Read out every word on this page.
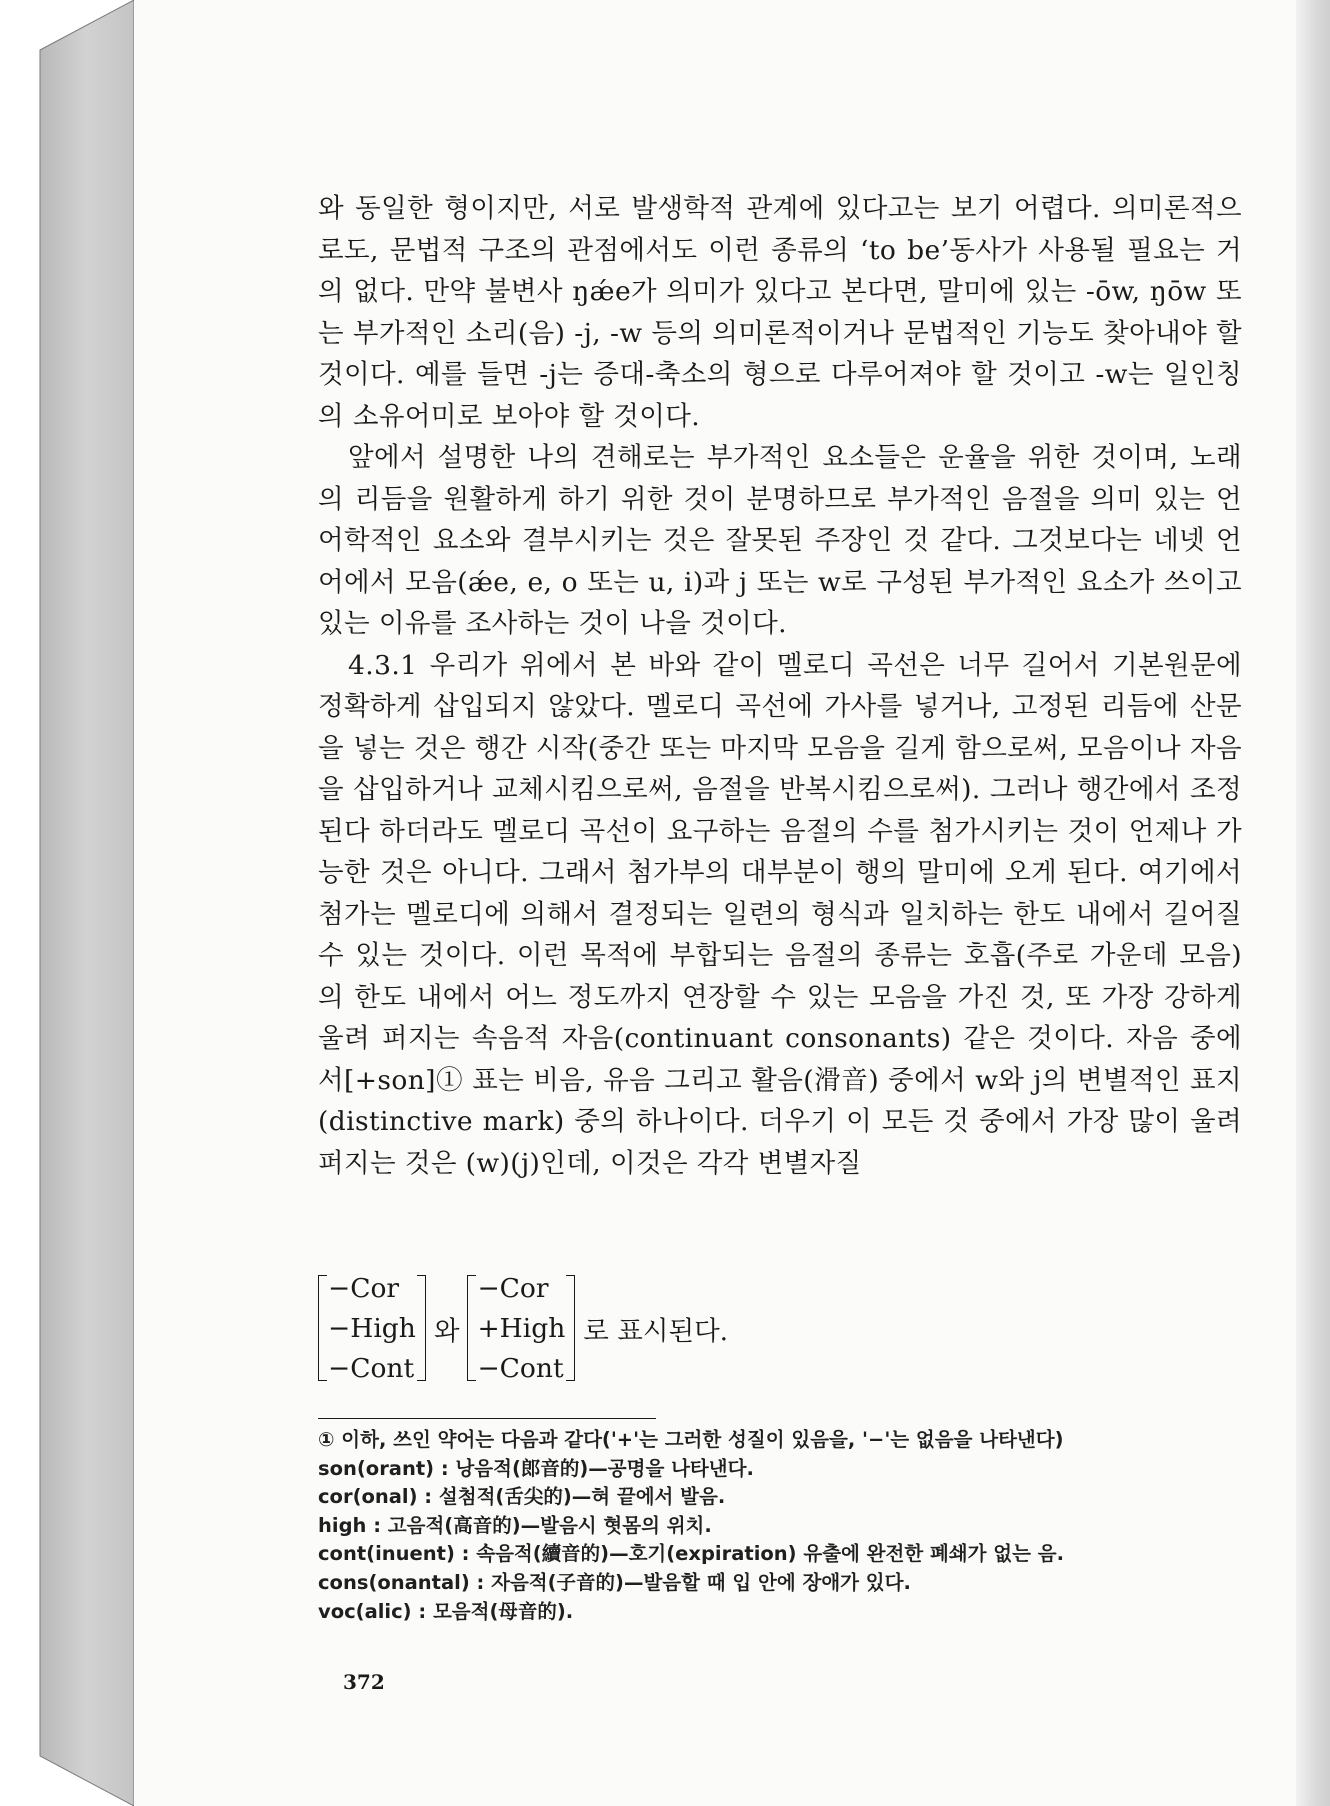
와 동일한 형이지만, 서로 발생학적 관계에 있다고는 보기 어렵다. 의미론적으로도, 문법적 구조의 관점에서도 이런 종류의 ‘to be’동사가 사용될 필요는 거의 없다. 만약 불변사 ŋǽe가 의미가 있다고 본다면, 말미에 있는 -ōw, ŋōw 또는 부가적인 소리(음) -j, -w 등의 의미론적이거나 문법적인 기능도 찾아내야 할 것이다. 예를 들면 -j는 증대-축소의 형으로 다루어져야 할 것이고 -w는 일인칭의 소유어미로 보아야 할 것이다.

앞에서 설명한 나의 견해로는 부가적인 요소들은 운율을 위한 것이며, 노래의 리듬을 원활하게 하기 위한 것이 분명하므로 부가적인 음절을 의미 있는 언어학적인 요소와 결부시키는 것은 잘못된 주장인 것 같다. 그것보다는 네넷 언어에서 모음(ǽe, e, o 또는 u, i)과 j 또는 w로 구성된 부가적인 요소가 쓰이고 있는 이유를 조사하는 것이 나을 것이다.

4.3.1 우리가 위에서 본 바와 같이 멜로디 곡선은 너무 길어서 기본원문에 정확하게 삽입되지 않았다. 멜로디 곡선에 가사를 넣거나, 고정된 리듬에 산문을 넣는 것은 행간 시작(중간 또는 마지막 모음을 길게 함으로써, 모음이나 자음을 삽입하거나 교체시킴으로써, 음절을 반복시킴으로써). 그러나 행간에서 조정된다 하더라도 멜로디 곡선이 요구하는 음절의 수를 첨가시키는 것이 언제나 가능한 것은 아니다. 그래서 첨가부의 대부분이 행의 말미에 오게 된다. 여기에서 첨가는 멜로디에 의해서 결정되는 일련의 형식과 일치하는 한도 내에서 길어질 수 있는 것이다. 이런 목적에 부합되는 음절의 종류는 호흡(주로 가운데 모음)의 한도 내에서 어느 정도까지 연장할 수 있는 모음을 가진 것, 또 가장 강하게 울려 퍼지는 속음적 자음(continuant consonants) 같은 것이다. 자음 중에서[+son]① 표는 비음, 유음 그리고 활음(滑音) 중에서 w와 j의 변별적인 표지(distinctive mark) 중의 하나이다. 더우기 이 모든 것 중에서 가장 많이 울려 퍼지는 것은 (w)(j)인데, 이것은 각각 변별자질

−Cor
−High
−Cont
와
−Cor
+High
−Cont
로 표시된다.
① 이하, 쓰인 약어는 다음과 같다('+'는 그러한 성질이 있음을, '−'는 없음을 나타낸다)
son(orant) : 낭음적(郎音的)—공명을 나타낸다.
cor(onal) : 설첨적(舌尖的)—혀 끝에서 발음.
high : 고음적(高音的)—발음시 혓몸의 위치.
cont(inuent) : 속음적(續音的)—호기(expiration) 유출에 완전한 폐쇄가 없는 음.
cons(onantal) : 자음적(子音的)—발음할 때 입 안에 장애가 있다.
voc(alic) : 모음적(母音的).
372
